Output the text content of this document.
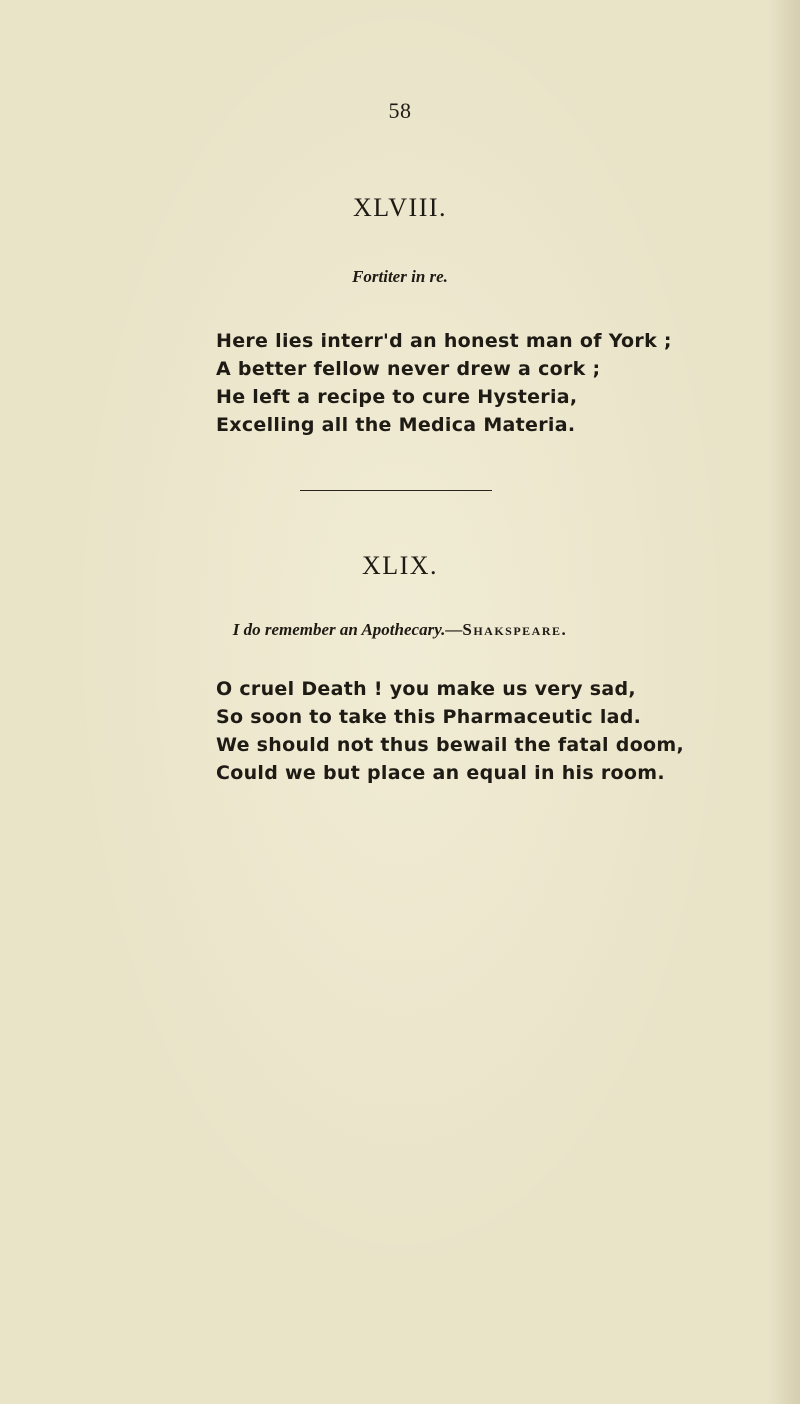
58
XLVIII.
Fortiter in re.
Here lies interr'd an honest man of York ;
A better fellow never drew a cork ;
He left a recipe to cure Hysteria,
Excelling all the Medica Materia.
XLIX.
I do remember an Apothecary.—Shakspeare.
O cruel Death ! you make us very sad,
So soon to take this Pharmaceutic lad.
We should not thus bewail the fatal doom,
Could we but place an equal in his room.
